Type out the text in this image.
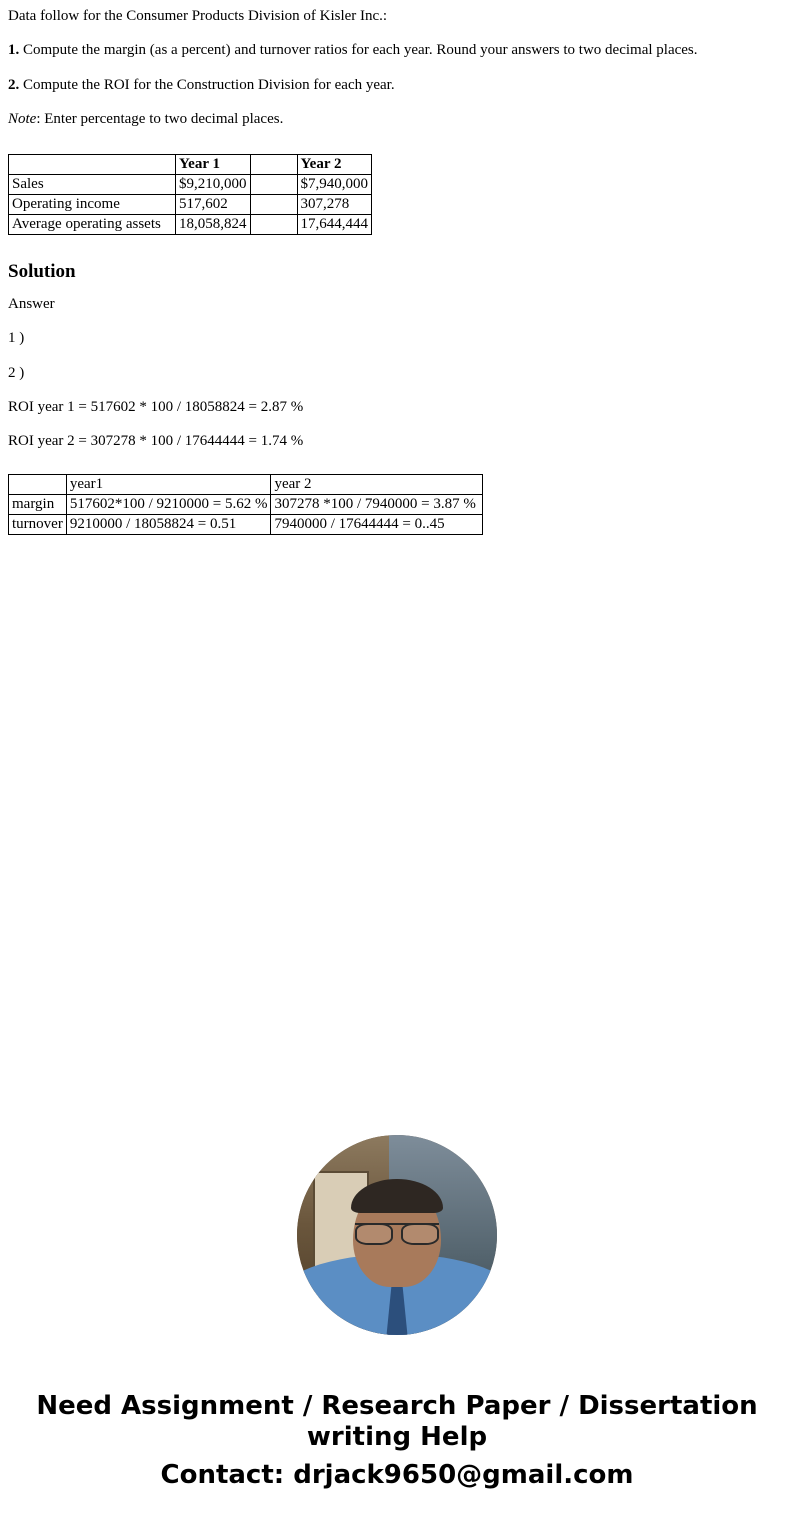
Data follow for the Consumer Products Division of Kisler Inc.:

1. Compute the margin (as a percent) and turnover ratios for each year. Round your answers to two decimal places.

2. Compute the ROI for the Construction Division for each year.

Note: Enter percentage to two decimal places.

	Year 1		Year 2
Sales	$9,210,000		$7,940,000
Operating income	517,602		307,278
Average operating assets	18,058,824		17,644,444
Solution

Answer

1 )

2 )

ROI year 1 = 517602 * 100 / 18058824 = 2.87 %

ROI year 2 = 307278 * 100 / 17644444 = 1.74 %

	year1	year 2
margin	517602*100 / 9210000 = 5.62 %	307278 *100 / 7940000 = 3.87 %
turnover	9210000 / 18058824 = 0.51	7940000 / 17644444 = 0..45

Need Assignment / Research Paper / Dissertation writing Help

Contact: drjack9650@gmail.com
